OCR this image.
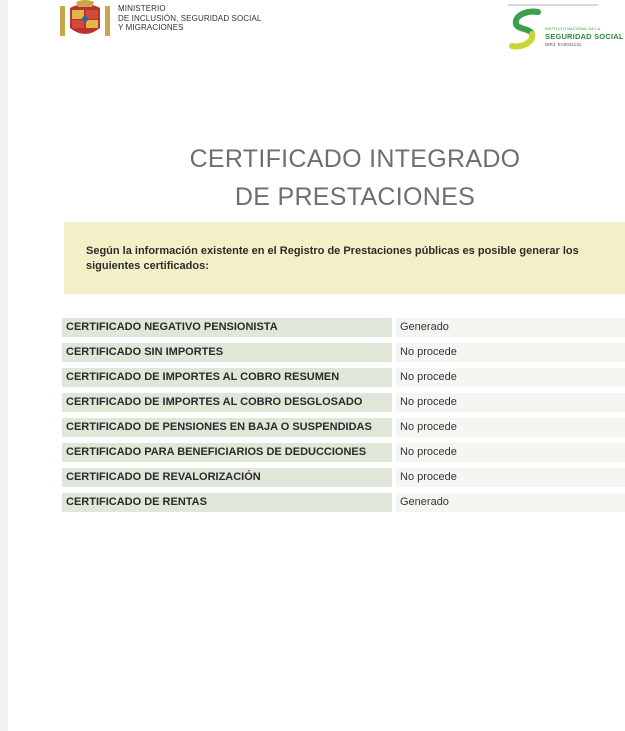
MINISTERIO
DE INCLUSIÓN, SEGURIDAD SOCIAL
Y MIGRACIONES	INSTITUTO NACIONAL DE LA
SEGURIDAD SOCIAL
DIR3: EA0042131
CERTIFICADO INTEGRADO
DE PRESTACIONES
Según la información existente en el Registro de Prestaciones públicas es posible generar los siguientes certificados:
CERTIFICADO NEGATIVO PENSIONISTA	Generado
CERTIFICADO SIN IMPORTES	No procede
CERTIFICADO DE IMPORTES AL COBRO RESUMEN	No procede
CERTIFICADO DE IMPORTES AL COBRO DESGLOSADO	No procede
CERTIFICADO DE PENSIONES EN BAJA O SUSPENDIDAS	No procede
CERTIFICADO PARA BENEFICIARIOS DE DEDUCCIONES	No procede
CERTIFICADO DE REVALORIZACIÓN	No procede
CERTIFICADO DE RENTAS	Generado
